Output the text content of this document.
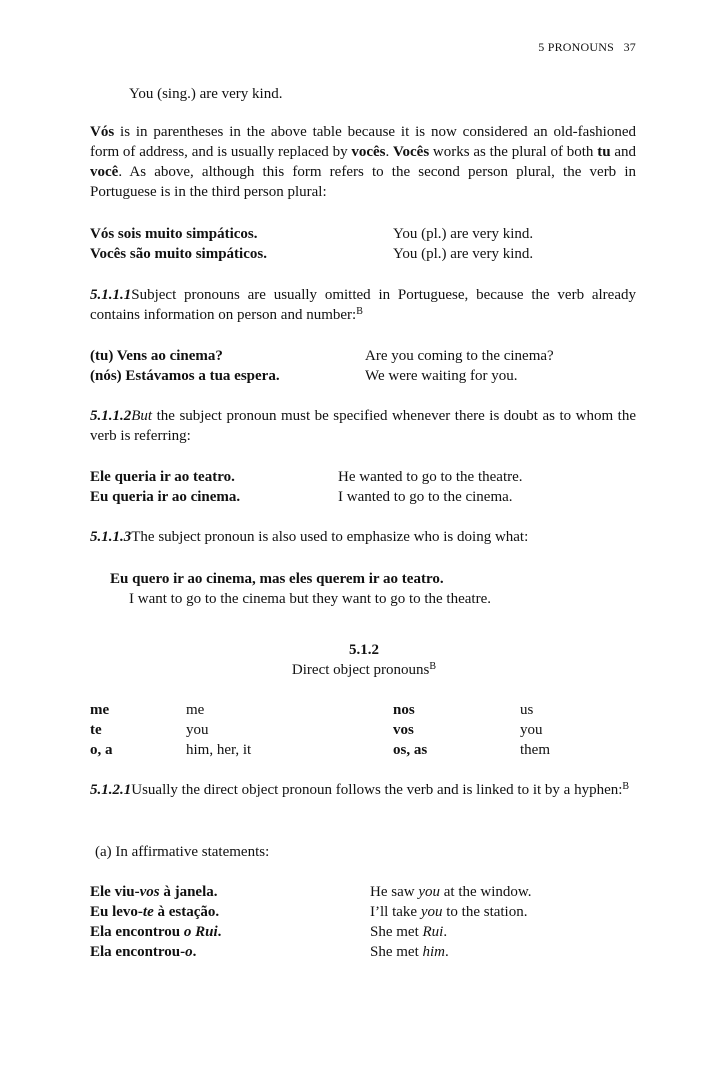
5 PRONOUNS 37
You (sing.) are very kind.
Vós is in parentheses in the above table because it is now considered an old-fashioned form of address, and is usually replaced by vocês. Vocês works as the plural of both tu and você. As above, although this form refers to the second person plural, the verb in Portuguese is in the third person plural:
Vós sois muito simpáticos.	You (pl.) are very kind.
Vocês são muito simpáticos.	You (pl.) are very kind.
5.1.1.1Subject pronouns are usually omitted in Portuguese, because the verb already contains information on person and number:$^B$
(tu) Vens ao cinema?	Are you coming to the cinema?
(nós) Estávamos a tua espera.	We were waiting for you.
5.1.1.2But the subject pronoun must be specified whenever there is doubt as to whom the verb is referring:
Ele queria ir ao teatro.	He wanted to go to the theatre.
Eu queria ir ao cinema.	I wanted to go to the cinema.
5.1.1.3The subject pronoun is also used to emphasize who is doing what:
Eu quero ir ao cinema, mas eles querem ir ao teatro.
I want to go to the cinema but they want to go to the theatre.
5.1.2
Direct object pronouns$^B$
me	me	nos	us
te	you	vos	you
o, a	him, her, it	os, as	them
5.1.2.1Usually the direct object pronoun follows the verb and is linked to it by a hyphen:$^B$
(a) In affirmative statements:
Ele viu-vos à janela.	He saw you at the window.
Eu levo-te à estação.	I’ll take you to the station.
Ela encontrou o Rui.	She met Rui.
Ela encontrou-o.	She met him.
